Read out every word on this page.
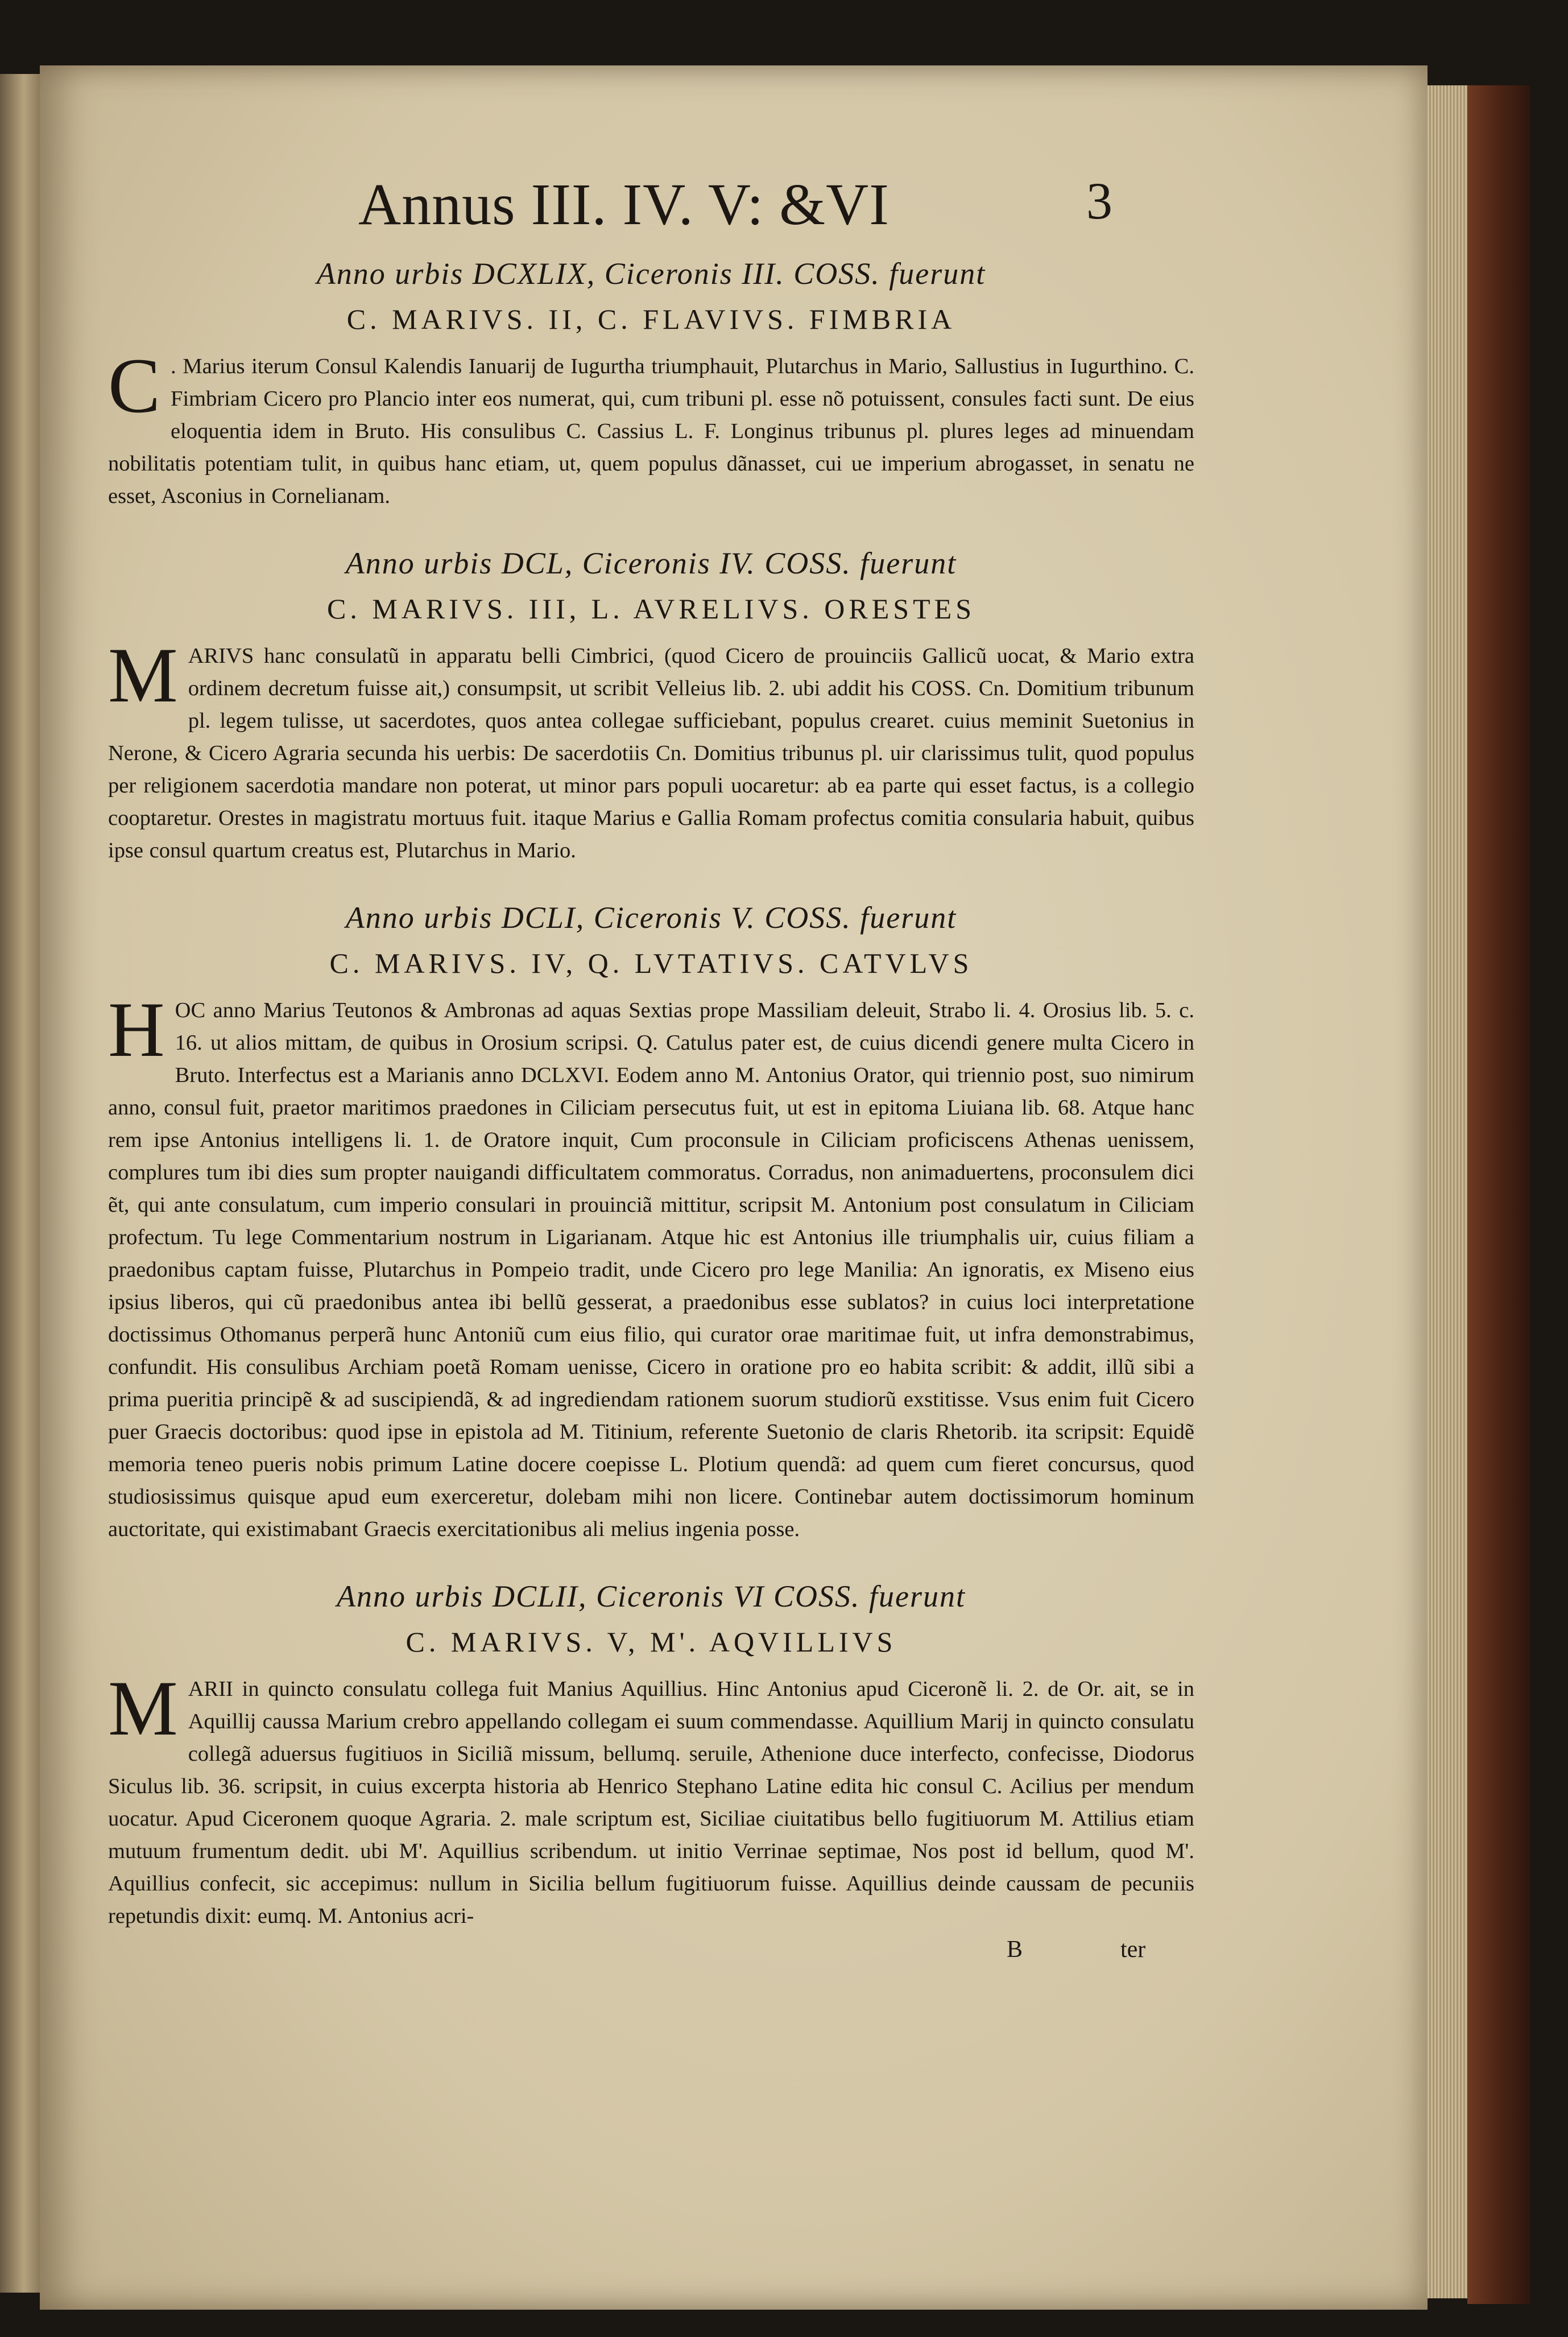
Annus III. IV. V: &VI	3
Anno urbis DCXLIX, Ciceronis III. COSS. fuerunt
C. MARIVS. II, C. FLAVIVS. FIMBRIA
C . Marius iterum Consul Kalendis Ianuarij de Iugurtha triumphauit, Plutarchus in Mario, Sallustius in Iugurthino. C. Fimbriam Cicero pro Plancio inter eos numerat, qui, cum tribuni pl. esse nõ potuissent, consules facti sunt. De eius eloquentia idem in Bruto. His consulibus C. Cassius L. F. Longinus tribunus pl. plures leges ad minuendam nobilitatis potentiam tulit, in quibus hanc etiam, ut, quem populus dãnasset, cui ue imperium abrogasset, in senatu ne esset, Asconius in Cornelianam.
Anno urbis DCL, Ciceronis IV. COSS. fuerunt
C. MARIVS. III, L. AVRELIVS. ORESTES
MARIVS hanc consulatũ in apparatu belli Cimbrici, (quod Cicero de prouinciis Gallicũ uocat, & Mario extra ordinem decretum fuisse ait,) consumpsit, ut scribit Velleius lib. 2. ubi addit his COSS. Cn. Domitium tribunum pl. legem tulisse, ut sacerdotes, quos antea collegae sufficiebant, populus crearet. cuius meminit Suetonius in Nerone, & Cicero Agraria secunda his uerbis: De sacerdotiis Cn. Domitius tribunus pl. uir clarissimus tulit, quod populus per religionem sacerdotia mandare non poterat, ut minor pars populi uocaretur: ab ea parte qui esset factus, is a collegio cooptaretur. Orestes in magistratu mortuus fuit. itaque Marius e Gallia Romam profectus comitia consularia habuit, quibus ipse consul quartum creatus est, Plutarchus in Mario.
Anno urbis DCLI, Ciceronis V. COSS. fuerunt
C. MARIVS. IV, Q. LVTATIVS. CATVLVS
HOC anno Marius Teutonos & Ambronas ad aquas Sextias prope Massiliam deleuit, Strabo li. 4. Orosius lib. 5. c. 16. ut alios mittam, de quibus in Orosium scripsi. Q. Catulus pater est, de cuius dicendi genere multa Cicero in Bruto. Interfectus est a Marianis anno DCLXVI. Eodem anno M. Antonius Orator, qui triennio post, suo nimirum anno, consul fuit, praetor maritimos praedones in Ciliciam persecutus fuit, ut est in epitoma Liuiana lib. 68. Atque hanc rem ipse Antonius intelligens li. 1. de Oratore inquit, Cum proconsule in Ciliciam proficiscens Athenas uenissem, complures tum ibi dies sum propter nauigandi difficultatem commoratus. Corradus, non animaduertens, proconsulem dici ẽt, qui ante consulatum, cum imperio consulari in prouinciã mittitur, scripsit M. Antonium post consulatum in Ciliciam profectum. Tu lege Commentarium nostrum in Ligarianam. Atque hic est Antonius ille triumphalis uir, cuius filiam a praedonibus captam fuisse, Plutarchus in Pompeio tradit, unde Cicero pro lege Manilia: An ignoratis, ex Miseno eius ipsius liberos, qui cũ praedonibus antea ibi bellũ gesserat, a praedonibus esse sublatos? in cuius loci interpretatione doctissimus Othomanus perperã hunc Antoniũ cum eius filio, qui curator orae maritimae fuit, ut infra demonstrabimus, confundit. His consulibus Archiam poetã Romam uenisse, Cicero in oratione pro eo habita scribit: & addit, illũ sibi a prima pueritia principẽ & ad suscipiendã, & ad ingrediendam rationem suorum studiorũ exstitisse. Vsus enim fuit Cicero puer Graecis doctoribus: quod ipse in epistola ad M. Titinium, referente Suetonio de claris Rhetorib. ita scripsit: Equidẽ memoria teneo pueris nobis primum Latine docere coepisse L. Plotium quendã: ad quem cum fieret concursus, quod studiosissimus quisque apud eum exerceretur, dolebam mihi non licere. Continebar autem doctissimorum hominum auctoritate, qui existimabant Graecis exercitationibus ali melius ingenia posse.
Anno urbis DCLII, Ciceronis VI COSS. fuerunt
C. MARIVS. V, M'. AQVILLIVS
MARII in quincto consulatu collega fuit Manius Aquillius. Hinc Antonius apud Ciceronẽ li. 2. de Or. ait, se in Aquillij caussa Marium crebro appellando collegam ei suum commendasse. Aquillium Marij in quincto consulatu collegã aduersus fugitiuos in Siciliã missum, bellumq. seruile, Athenione duce interfecto, confecisse, Diodorus Siculus lib. 36. scripsit, in cuius excerpta historia ab Henrico Stephano Latine edita hic consul C. Acilius per mendum uocatur. Apud Ciceronem quoque Agraria. 2. male scriptum est, Siciliae ciuitatibus bello fugitiuorum M. Attilius etiam mutuum frumentum dedit. ubi M'. Aquillius scribendum. ut initio Verrinae septimae, Nos post id bellum, quod M'. Aquillius confecit, sic accepimus: nullum in Sicilia bellum fugitiuorum fuisse. Aquillius deinde caussam de pecuniis repetundis dixit: eumq. M. Antonius acri-
B	ter
